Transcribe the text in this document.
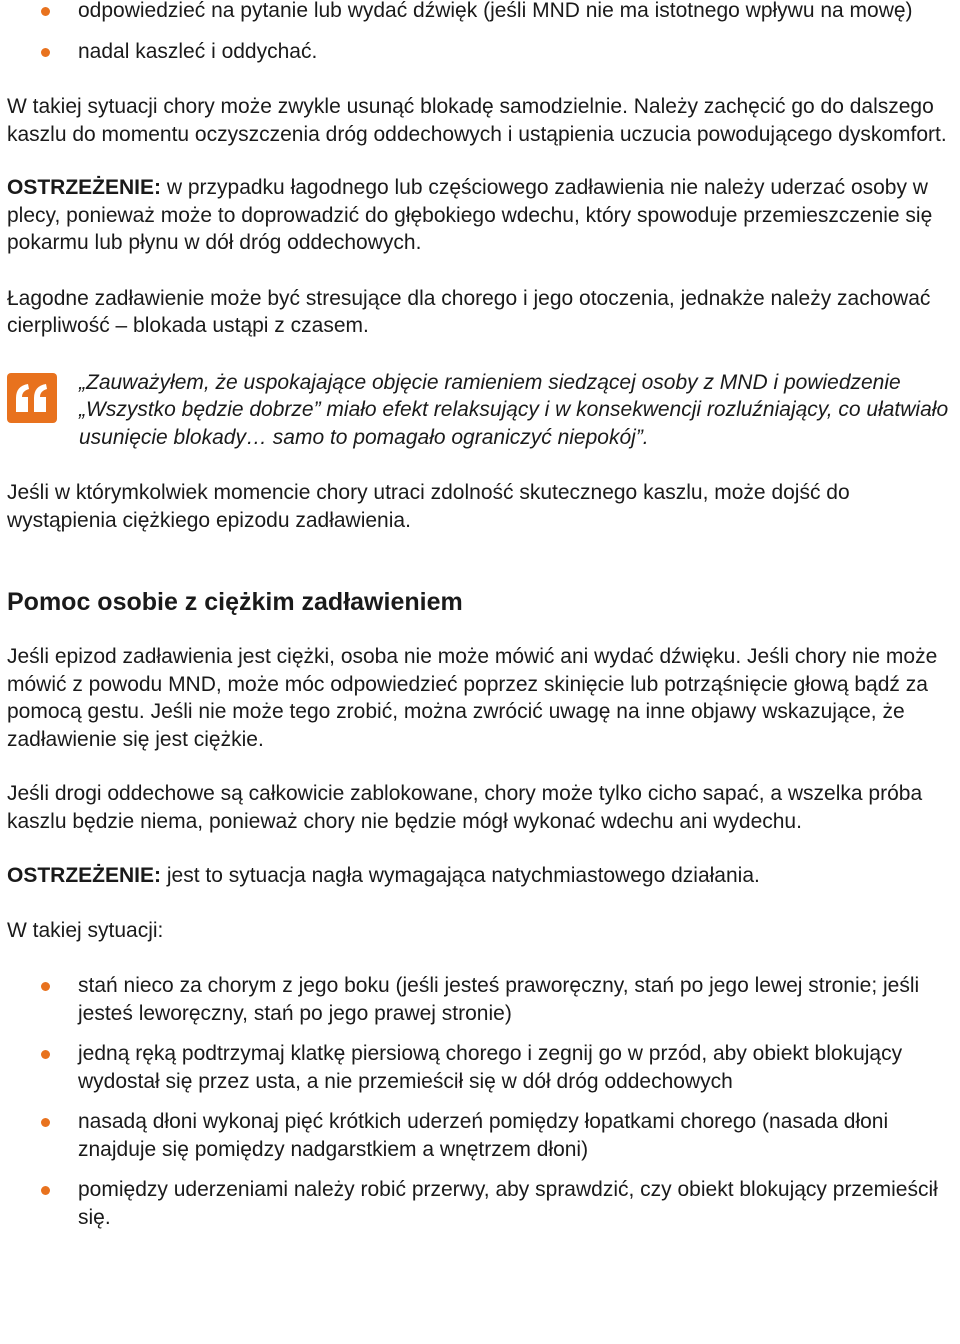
odpowiedzieć na pytanie lub wydać dźwięk (jeśli MND nie ma istotnego wpływu na mowę)
nadal kaszleć i oddychać.

W takiej sytuacji chory może zwykle usunąć blokadę samodzielnie. Należy zachęcić go do dalszego kaszlu do momentu oczyszczenia dróg oddechowych i ustąpienia uczucia powodującego dyskomfort.

OSTRZEŻENIE: w przypadku łagodnego lub częściowego zadławienia nie należy uderzać osoby w plecy, ponieważ może to doprowadzić do głębokiego wdechu, który spowoduje przemieszczenie się pokarmu lub płynu w dół dróg oddechowych.

Łagodne zadławienie może być stresujące dla chorego i jego otoczenia, jednakże należy zachować cierpliwość – blokada ustąpi z czasem.

„Zauważyłem, że uspokajające objęcie ramieniem siedzącej osoby z MND i powiedzenie „Wszystko będzie dobrze” miało efekt relaksujący i w konsekwencji rozluźniający, co ułatwiało usunięcie blokady… samo to pomagało ograniczyć niepokój”.

Jeśli w którymkolwiek momencie chory utraci zdolność skutecznego kaszlu, może dojść do wystąpienia ciężkiego epizodu zadławienia.

Pomoc osobie z ciężkim zadławieniem

Jeśli epizod zadławienia jest ciężki, osoba nie może mówić ani wydać dźwięku. Jeśli chory nie może mówić z powodu MND, może móc odpowiedzieć poprzez skinięcie lub potrząśnięcie głową bądź za pomocą gestu. Jeśli nie może tego zrobić, można zwrócić uwagę na inne objawy wskazujące, że zadławienie się jest ciężkie.

Jeśli drogi oddechowe są całkowicie zablokowane, chory może tylko cicho sapać, a wszelka próba kaszlu będzie niema, ponieważ chory nie będzie mógł wykonać wdechu ani wydechu.

OSTRZEŻENIE: jest to sytuacja nagła wymagająca natychmiastowego działania.

W takiej sytuacji:

stań nieco za chorym z jego boku (jeśli jesteś praworęczny, stań po jego lewej stronie; jeśli jesteś leworęczny, stań po jego prawej stronie)
jedną ręką podtrzymaj klatkę piersiową chorego i zegnij go w przód, aby obiekt blokujący wydostał się przez usta, a nie przemieścił się w dół dróg oddechowych
nasadą dłoni wykonaj pięć krótkich uderzeń pomiędzy łopatkami chorego (nasada dłoni znajduje się pomiędzy nadgarstkiem a wnętrzem dłoni)
pomiędzy uderzeniami należy robić przerwy, aby sprawdzić, czy obiekt blokujący przemieścił się.
